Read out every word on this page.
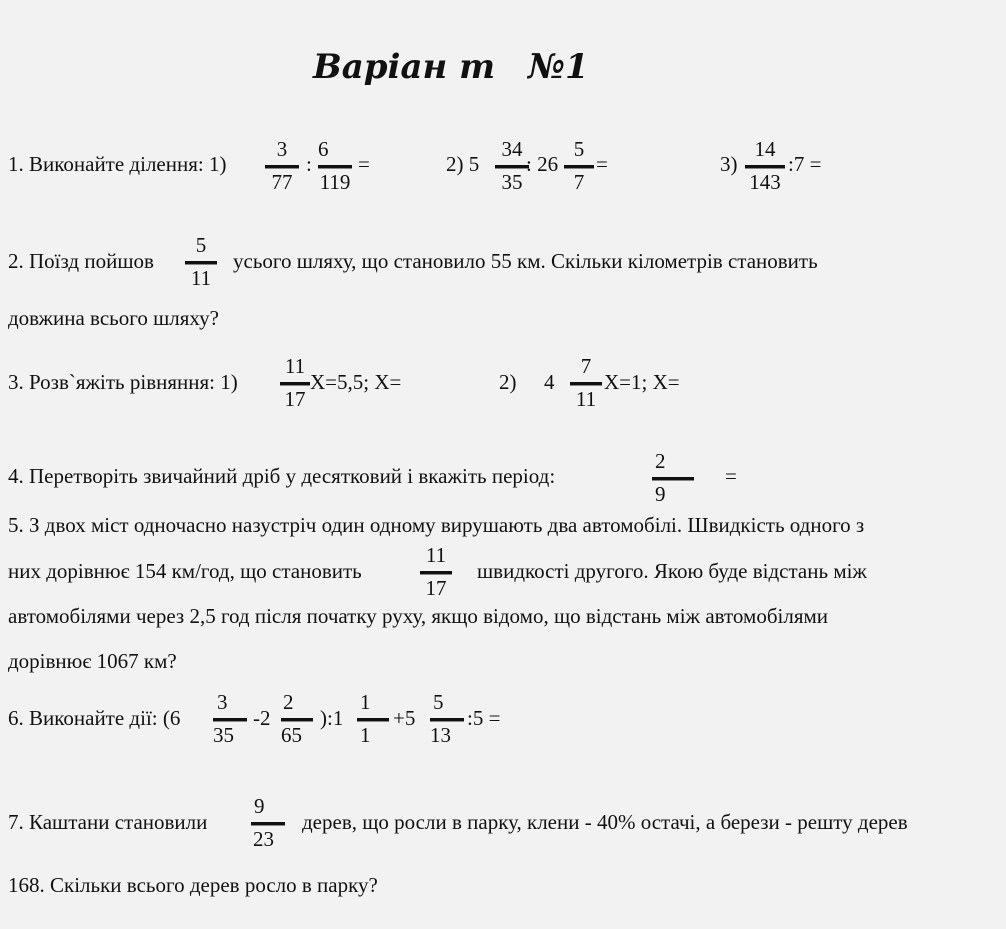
Варіан т №1
1. Виконайте ділення: 1)
3
77
:
6
119
=	2) 5
34
35
: 26
5
7
=	3)
14
143
:7 =
2. Поїзд пойшов
5
11
усього шляху, що становило 55 км. Скільки кілометрів становить
довжина всього шляху?
3. Розв`яжіть рівняння: 1)
11
17
X=5,5; X=	2) 4
7
11
X=1; X=
4. Перетворіть звичайний дріб у десятковий і вкажіть період:
2
9
=
5. З двох міст одночасно назустріч один одному вирушають два автомобілі. Швидкість одного з
них дорівнює 154 км/год, що становить
11
17
швидкості другого. Якою буде відстань між
автомобілями через 2,5 год після початку руху, якщо відомо, що відстань між автомобілями
дорівнює 1067 км?
6. Виконайте дії: (6
3
35
-2
2
65
):1
1
1
+5
5
13
:5 =
7. Каштани становили
9
23
дерев, що росли в парку, клени - 40% остачі, а берези - решту дерев
168. Скільки всього дерев росло в парку?
